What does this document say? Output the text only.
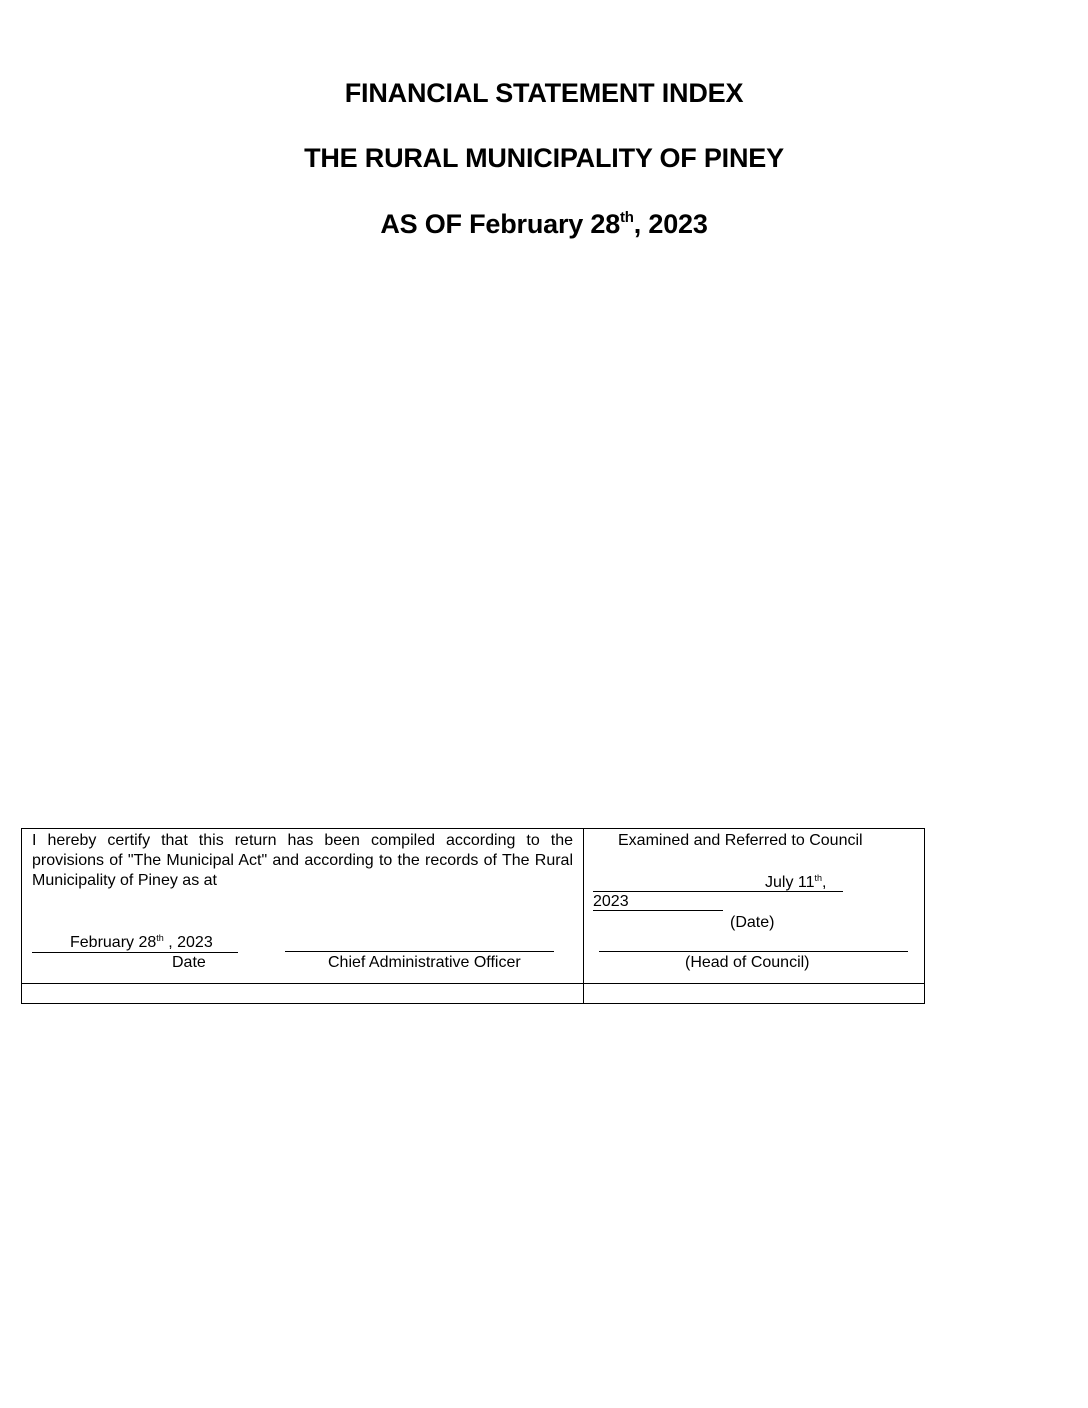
FINANCIAL STATEMENT INDEX
THE RURAL MUNICIPALITY OF PINEY
AS OF February 28th, 2023
I hereby certify that this return has been compiled according to the provisions of "The Municipal Act" and according to the records of The Rural Municipality of Piney as at
February 28th , 2023
Date	Chief Administrative Officer
Examined and Referred to Council
July 11th,
2023
(Date)
(Head of Council)
